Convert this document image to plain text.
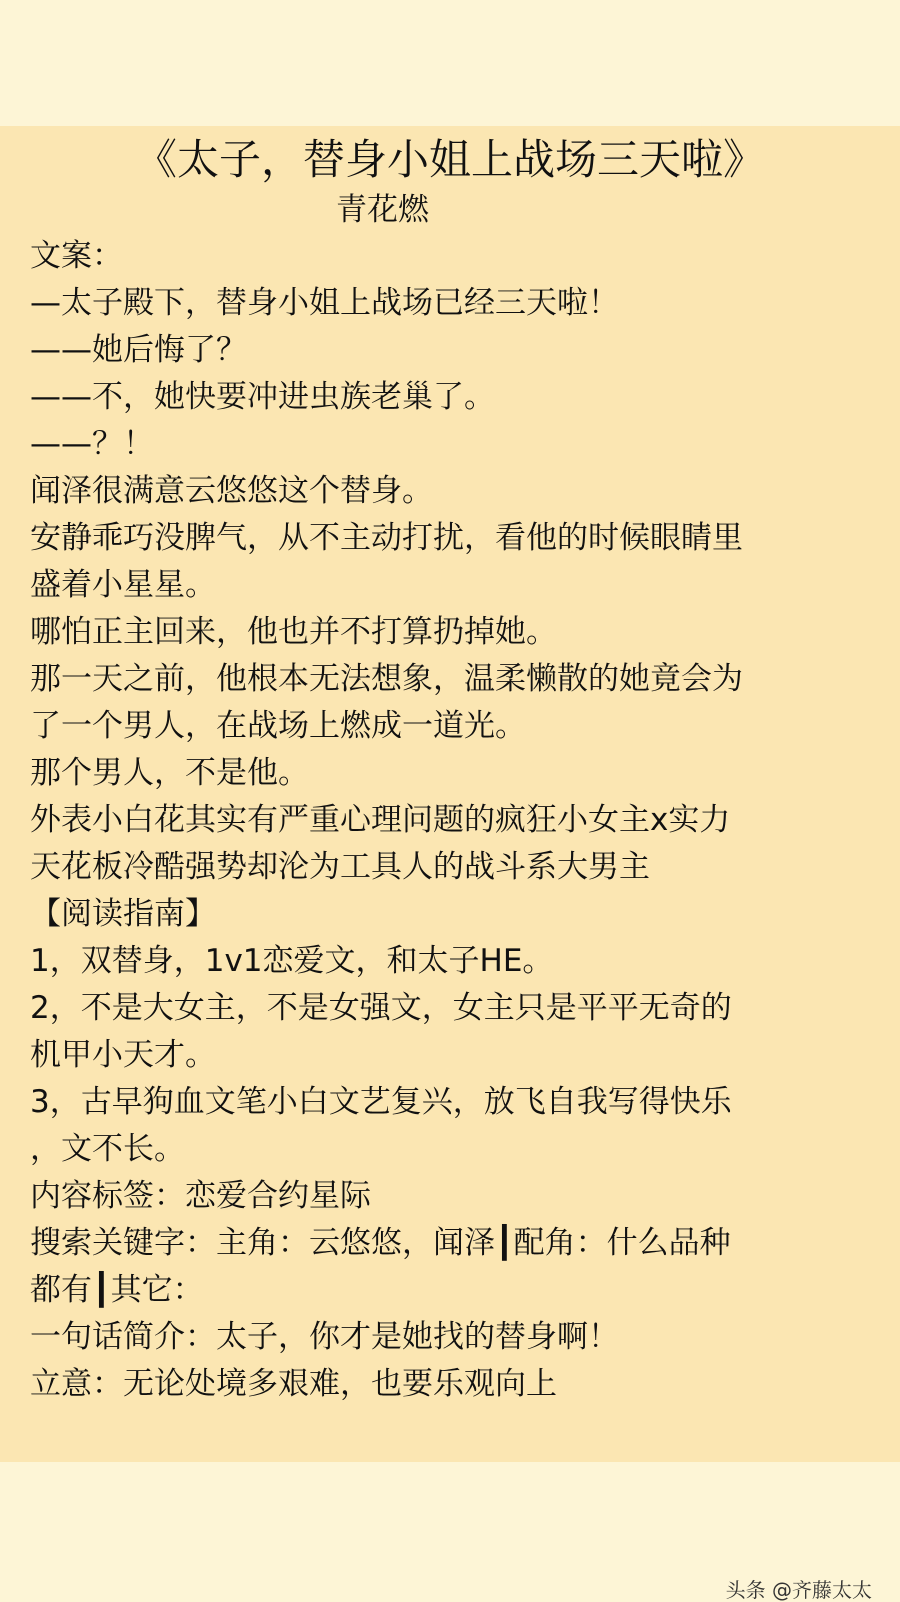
《太子，替身小姐上战场三天啦》
青花燃
文案：
—太子殿下，替身小姐上战场已经三天啦！
——她后悔了？
——不，她快要冲进虫族老巢了。
——？！
闻泽很满意云悠悠这个替身。
安静乖巧没脾气，从不主动打扰，看他的时候眼睛里
盛着小星星。
哪怕正主回来，他也并不打算扔掉她。
那一天之前，他根本无法想象，温柔懒散的她竟会为
了一个男人，在战场上燃成一道光。
那个男人，不是他。
外表小白花其实有严重心理问题的疯狂小女主x实力
天花板冷酷强势却沦为工具人的战斗系大男主
【阅读指南】
1，双替身，1v1恋爱文，和太子HE。
2，不是大女主，不是女强文，女主只是平平无奇的
机甲小天才。
3，古早狗血文笔小白文艺复兴，放飞自我写得快乐
，文不长。
内容标签：恋爱合约星际
搜索关键字：主角：云悠悠，闻泽┃配角：什么品种
都有┃其它：
一句话简介：太子，你才是她找的替身啊！
立意：无论处境多艰难，也要乐观向上
头条 @齐藤太太
